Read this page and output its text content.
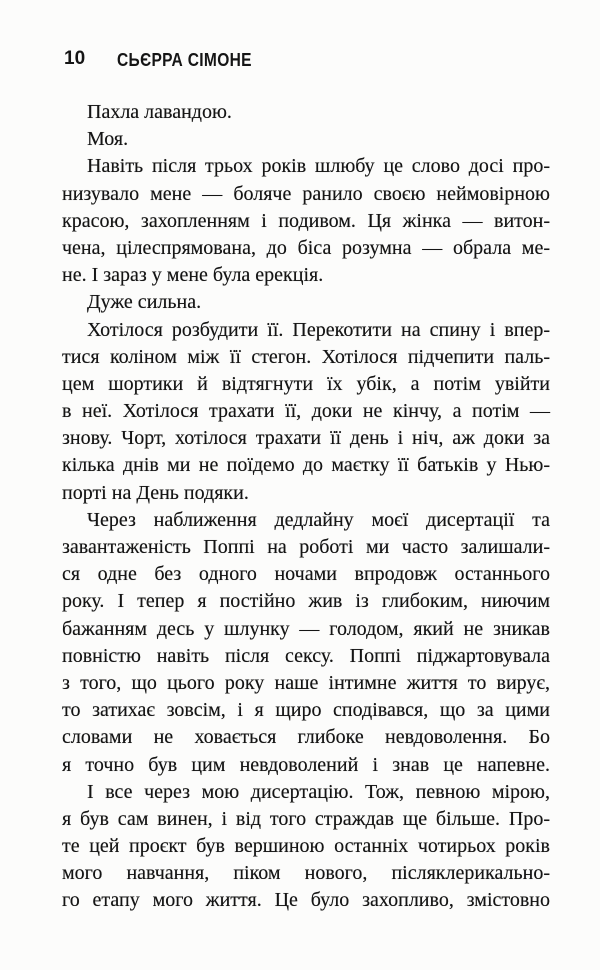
10 СЬЄРРА СІМОНЕ
Пахла лавандою.
Моя.
Навіть після трьох років шлюбу це слово досі про-
низувало мене — боляче ранило своєю неймовірною
красою, захопленням і подивом. Ця жінка — витон-
чена, цілеспрямована, до біса розумна — обрала ме-
не. І зараз у мене була ерекція.
Дуже сильна.
Хотілося розбудити її. Перекотити на спину і впер-
тися коліном між її стегон. Хотілося підчепити паль-
цем шортики й відтягнути їх убік, а потім увійти
в неї. Хотілося трахати її, доки не кінчу, а потім —
знову. Чорт, хотілося трахати її день і ніч, аж доки за
кілька днів ми не поїдемо до маєтку її батьків у Нью-
порті на День подяки.
Через наближення дедлайну моєї дисертації та
завантаженість Поппі на роботі ми часто залишали-
ся одне без одного ночами впродовж останнього
року. І тепер я постійно жив із глибоким, ниючим
бажанням десь у шлунку — голодом, який не зникав
повністю навіть після сексу. Поппі піджартовувала
з того, що цього року наше інтимне життя то вирує,
то затихає зовсім, і я щиро сподівався, що за цими
словами не ховається глибоке невдоволення. Бо
я точно був цим невдоволений і знав це напевне.
І все через мою дисертацію. Тож, певною мірою,
я був сам винен, і від того страждав ще більше. Про-
те цей проєкт був вершиною останніх чотирьох років
мого навчання, піком нового, післяклерикально-
го етапу мого життя. Це було захопливо, змістовно
